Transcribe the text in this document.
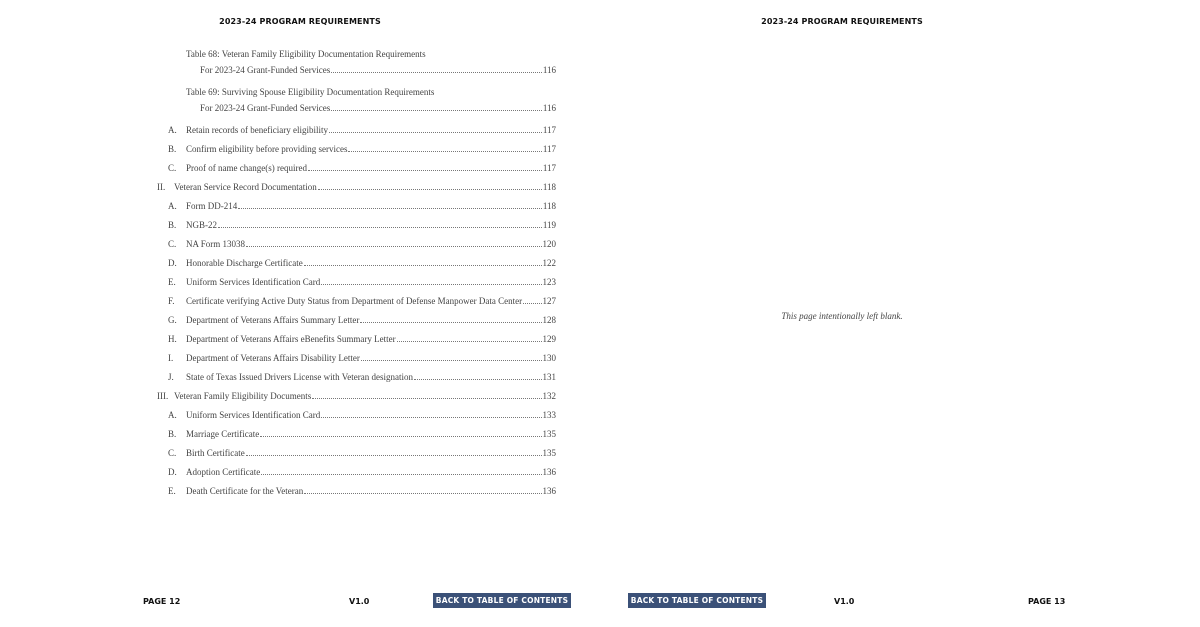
2023-24 PROGRAM REQUIREMENTS
Table 68: Veteran Family Eligibility Documentation Requirements
For 2023-24 Grant-Funded Services	116
Table 69: Surviving Spouse Eligibility Documentation Requirements
For 2023-24 Grant-Funded Services	116
A.	Retain records of beneficiary eligibility	117
B.	Confirm eligibility before providing services	117
C.	Proof of name change(s) required	117
II. Veteran Service Record Documentation	118
A.	Form DD-214	118
B.	NGB-22	119
C.	NA Form 13038	120
D.	Honorable Discharge Certificate	122
E.	Uniform Services Identification Card	123
F.	Certificate verifying Active Duty Status from Department of Defense Manpower Data Center 127
G.	Department of Veterans Affairs Summary Letter	128
H.	Department of Veterans Affairs eBenefits Summary Letter	129
I.	Department of Veterans Affairs Disability Letter	130
J.	State of Texas Issued Drivers License with Veteran designation	131
III. Veteran Family Eligibility Documents	132
A.	Uniform Services Identification Card	133
B.	Marriage Certificate	135
C.	Birth Certificate	135
D.	Adoption Certificate	136
E.	Death Certificate for the Veteran	136
PAGE 12	V1.0	BACK TO TABLE OF CONTENTS
2023-24 PROGRAM REQUIREMENTS
This page intentionally left blank.
BACK TO TABLE OF CONTENTS	V1.0	PAGE 13
